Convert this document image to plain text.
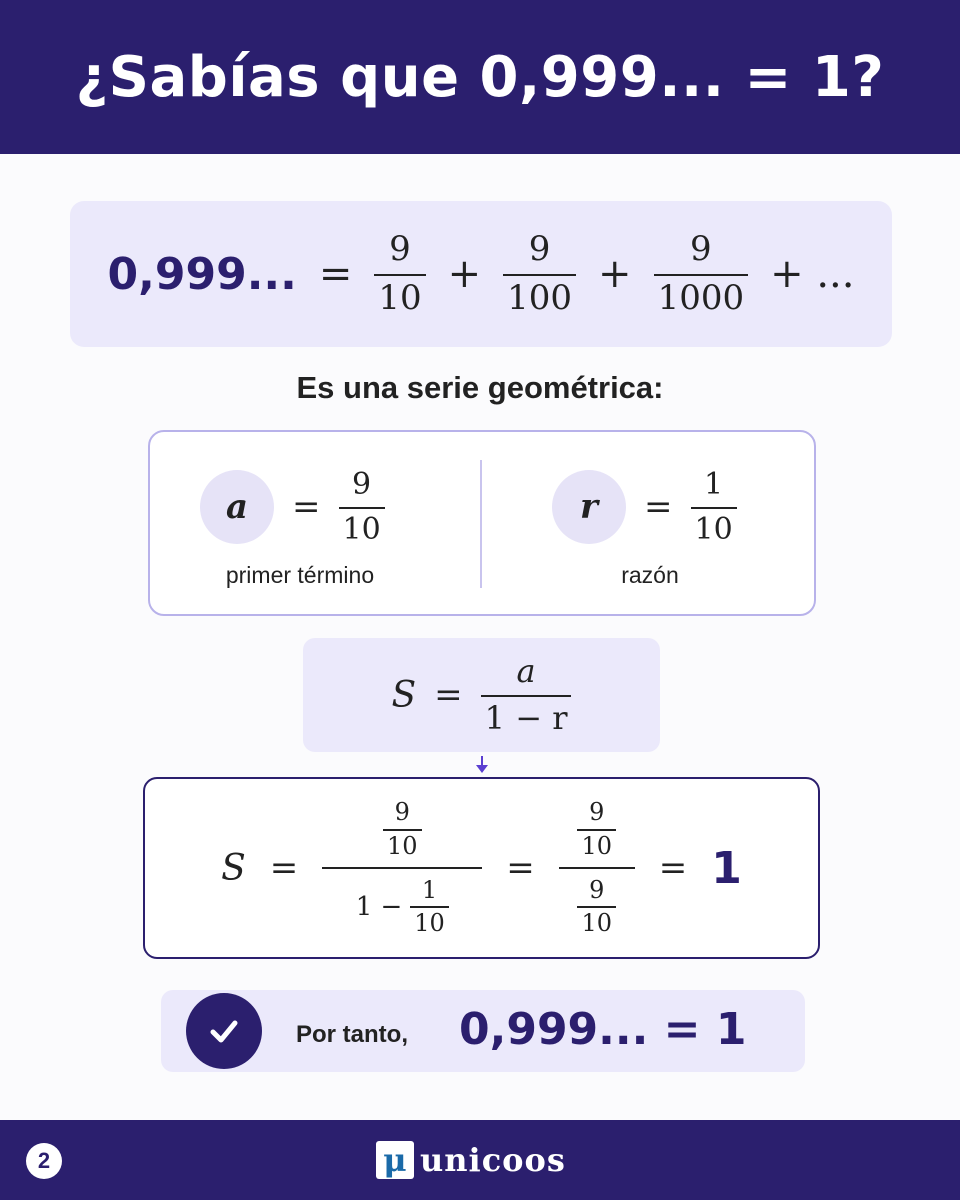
¿Sabías que 0,999... = 1?
0,999... = $\frac{9}{10} + \frac{9}{100} + \frac{9}{1000}$ + ...
Es una serie geométrica:
a	= $\frac{9}{10}$
primer término
r	= $\frac{1}{10}$
razón
$S = \frac{a}{1 - r}$
$S = \frac{\frac{9}{10}}{1 - \frac{1}{10}} = \frac{\frac{9}{10}}{\frac{9}{10}} = 1$
Por tanto, 0,999... = 1
2	μ unicoos
